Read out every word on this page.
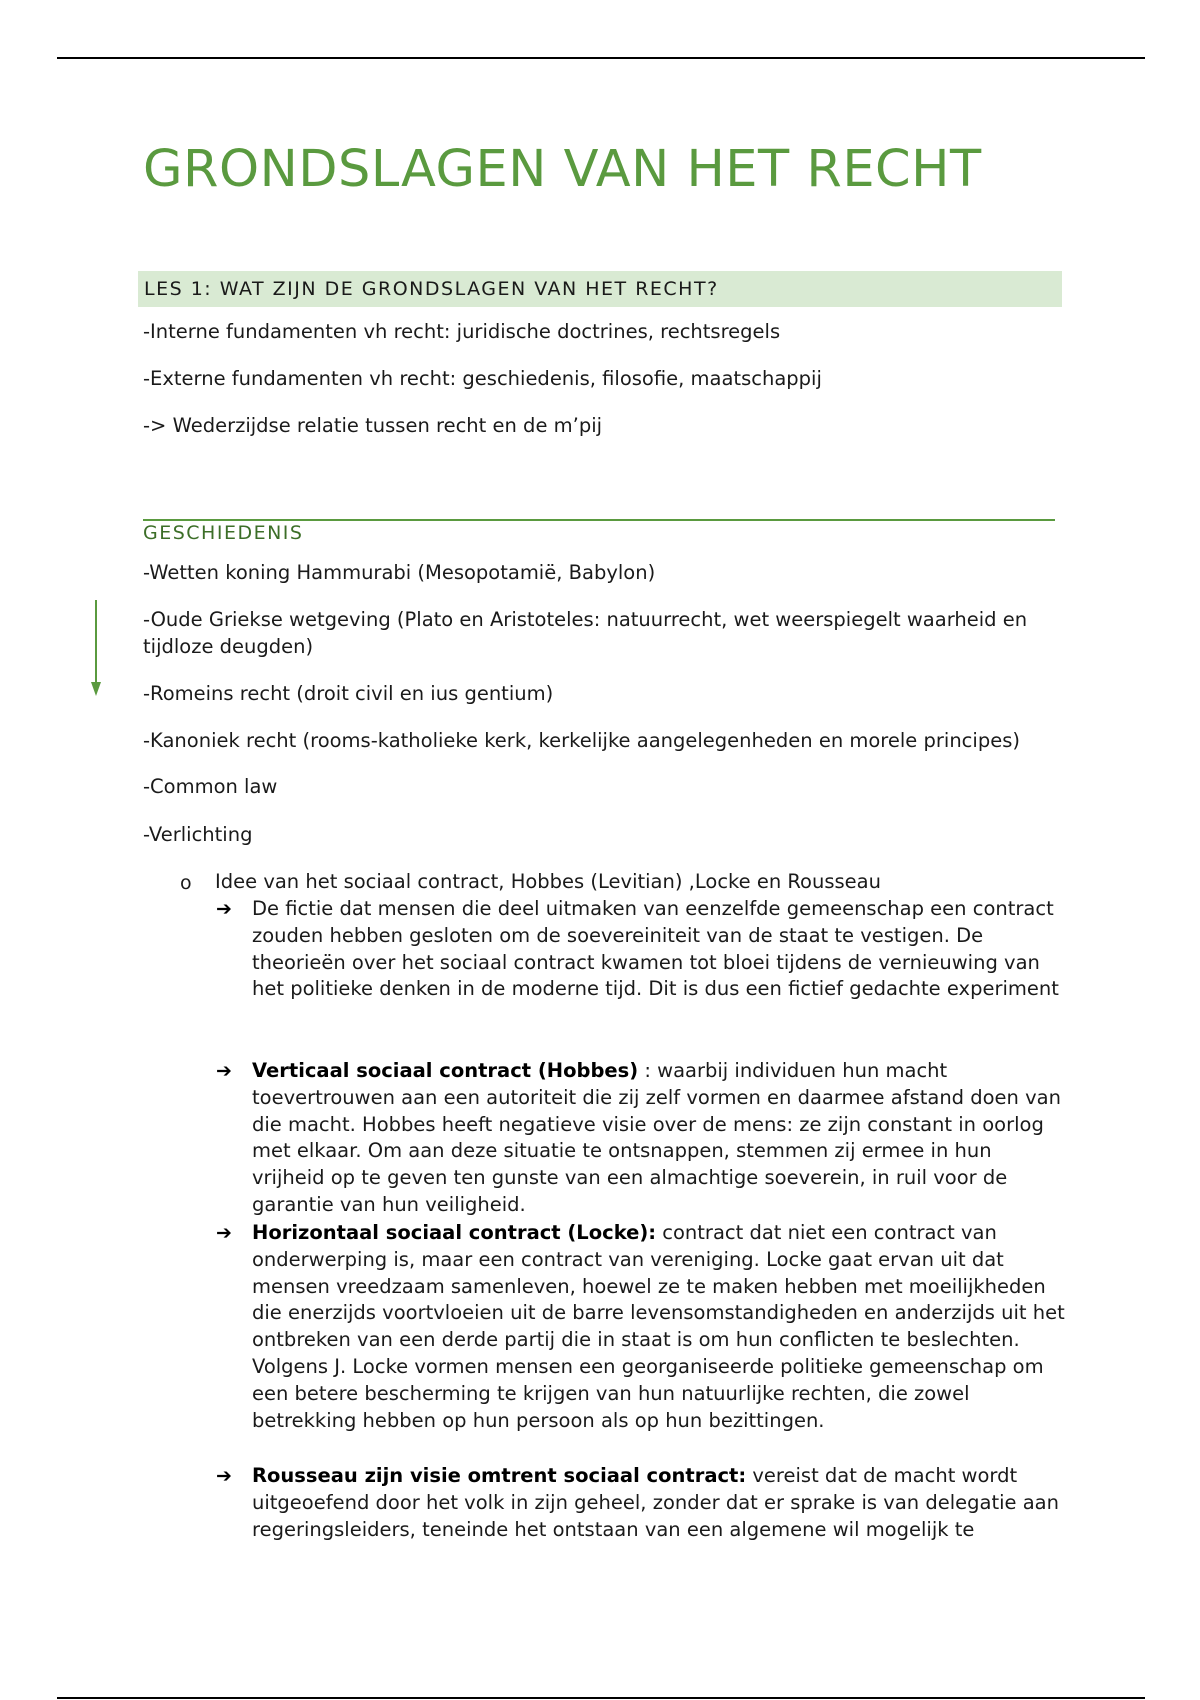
GRONDSLAGEN VAN HET RECHT
LES 1: WAT ZIJN DE GRONDSLAGEN VAN HET RECHT?

-Interne fundamenten vh recht: juridische doctrines, rechtsregels

-Externe fundamenten vh recht: geschiedenis, filosofie, maatschappij

-> Wederzijdse relatie tussen recht en de m’pij

GESCHIEDENIS

-Wetten koning Hammurabi (Mesopotamië, Babylon)

-Oude Griekse wetgeving (Plato en Aristoteles: natuurrecht, wet weerspiegelt waarheid en tijdloze deugden)

-Romeins recht (droit civil en ius gentium)

-Kanoniek recht (rooms-katholieke kerk, kerkelijke aangelegenheden en morele principes)

-Common law

-Verlichting

o Idee van het sociaal contract, Hobbes (Levitian) ,Locke en Rousseau
➔ De fictie dat mensen die deel uitmaken van eenzelfde gemeenschap een contract zouden hebben gesloten om de soevereiniteit van de staat te vestigen. De theorieën over het sociaal contract kwamen tot bloei tijdens de vernieuwing van het politieke denken in de moderne tijd. Dit is dus een fictief gedachte experiment
➔ Verticaal sociaal contract (Hobbes) : waarbij individuen hun macht toevertrouwen aan een autoriteit die zij zelf vormen en daarmee afstand doen van die macht. Hobbes heeft negatieve visie over de mens: ze zijn constant in oorlog met elkaar. Om aan deze situatie te ontsnappen, stemmen zij ermee in hun vrijheid op te geven ten gunste van een almachtige soeverein, in ruil voor de garantie van hun veiligheid.
➔ Horizontaal sociaal contract (Locke): contract dat niet een contract van onderwerping is, maar een contract van vereniging. Locke gaat ervan uit dat mensen vreedzaam samenleven, hoewel ze te maken hebben met moeilijkheden die enerzijds voortvloeien uit de barre levensomstandigheden en anderzijds uit het ontbreken van een derde partij die in staat is om hun conflicten te beslechten. Volgens J. Locke vormen mensen een georganiseerde politieke gemeenschap om een betere bescherming te krijgen van hun natuurlijke rechten, die zowel betrekking hebben op hun persoon als op hun bezittingen.
➔ Rousseau zijn visie omtrent sociaal contract: vereist dat de macht wordt uitgeoefend door het volk in zijn geheel, zonder dat er sprake is van delegatie aan regeringsleiders, teneinde het ontstaan van een algemene wil mogelijk te
